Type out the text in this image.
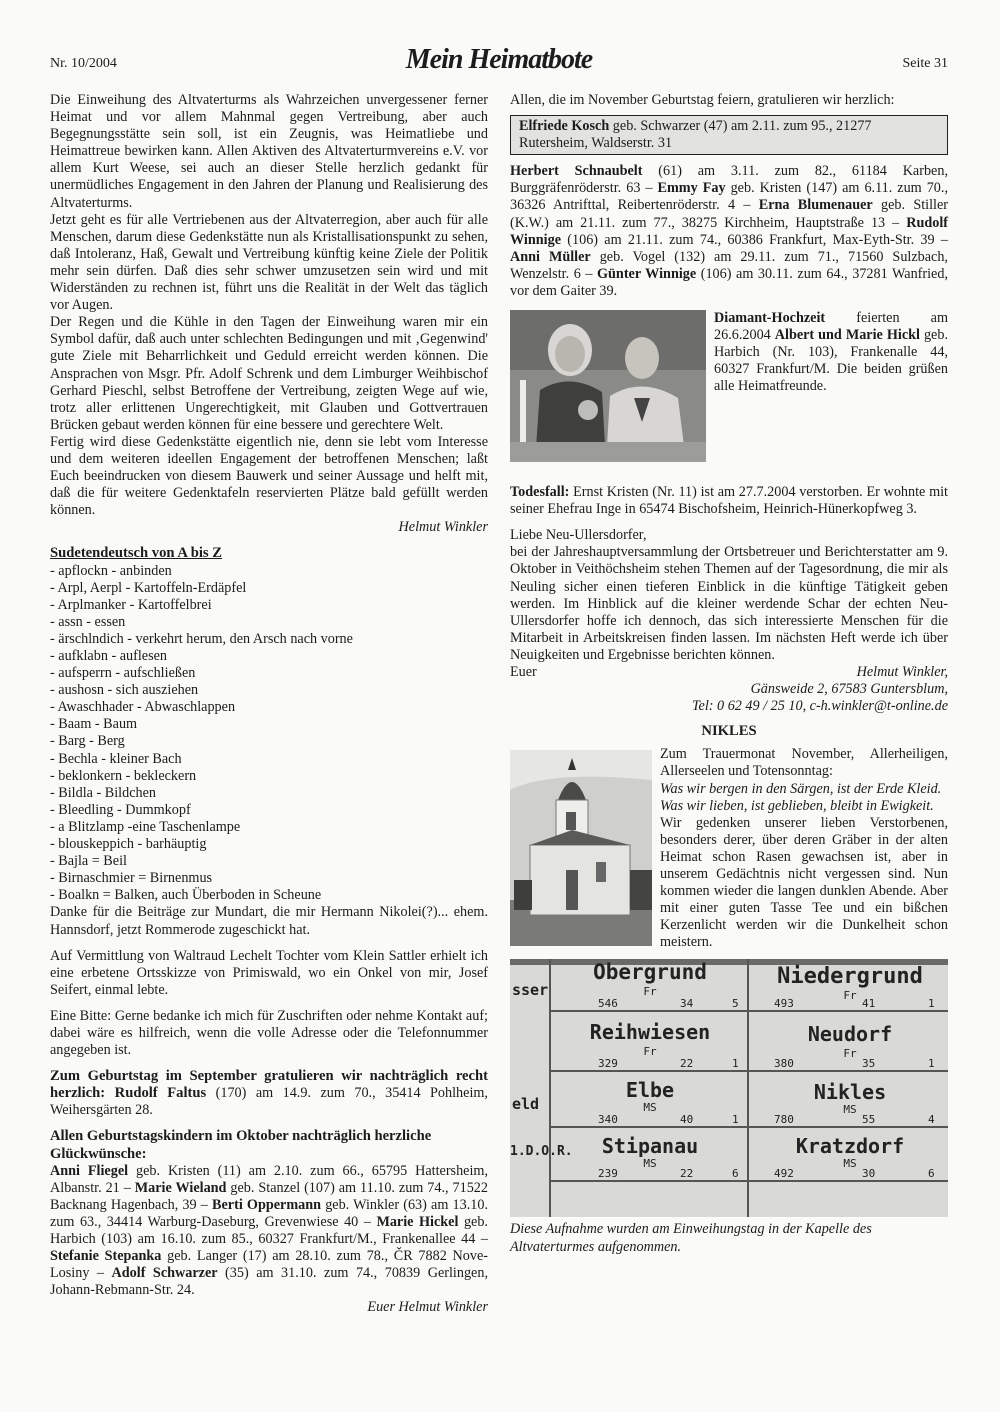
Nr. 10/2004	Mein Heimatbote	Seite 31

Die Einweihung des Altvaterturms als Wahrzeichen unvergessener ferner Heimat und vor allem Mahnmal gegen Vertreibung, aber auch Begegnungsstätte sein soll, ist ein Zeugnis, was Heimatliebe und Heimattreue bewirken kann. Allen Aktiven des Altvaterturmvereins e.V. vor allem Kurt Weese, sei auch an dieser Stelle herzlich gedankt für unermüdliches Engagement in den Jahren der Planung und Realisierung des Altvaterturms.

Jetzt geht es für alle Vertriebenen aus der Altvaterregion, aber auch für alle Menschen, darum diese Gedenkstätte nun als Kristallisationspunkt zu sehen, daß Intoleranz, Haß, Gewalt und Vertreibung künftig keine Ziele der Politik mehr sein dürfen. Daß dies sehr schwer umzusetzen sein wird und mit Widerständen zu rechnen ist, führt uns die Realität in der Welt das täglich vor Augen.

Der Regen und die Kühle in den Tagen der Einweihung waren mir ein Symbol dafür, daß auch unter schlechten Bedingungen und mit ‚Gegenwind' gute Ziele mit Beharrlichkeit und Geduld erreicht werden können. Die Ansprachen von Msgr. Pfr. Adolf Schrenk und dem Limburger Weihbischof Gerhard Pieschl, selbst Betroffene der Vertreibung, zeigten Wege auf wie, trotz aller erlittenen Ungerechtigkeit, mit Glauben und Gottvertrauen Brücken gebaut werden können für eine bessere und gerechtere Welt.

Fertig wird diese Gedenkstätte eigentlich nie, denn sie lebt vom Interesse und dem weiteren ideellen Engagement der betroffenen Menschen; laßt Euch beeindrucken von diesem Bauwerk und seiner Aussage und helft mit, daß die für weitere Gedenktafeln reservierten Plätze bald gefüllt werden können.

Helmut Winkler

Sudetendeutsch von A bis Z

- apflockn - anbinden

- Arpl, Aerpl - Kartoffeln-Erdäpfel

- Arplmanker - Kartoffelbrei

- assn - essen

- ärschlndich - verkehrt herum, den Arsch nach vorne

- aufklabn - auflesen

- aufsperrn - aufschließen

- aushosn - sich ausziehen

- Awaschhader - Abwaschlappen

- Baam - Baum

- Barg - Berg

- Bechla - kleiner Bach

- beklonkern - bekleckern

- Bildla - Bildchen

- Bleedling - Dummkopf

- a Blitzlamp -eine Taschenlampe

- blouskeppich - barhäuptig

- Bajla = Beil

- Birnaschmier = Birnenmus

- Boalkn = Balken, auch Überboden in Scheune

Danke für die Beiträge zur Mundart, die mir Hermann Nikolei(?)... ehem. Hannsdorf, jetzt Rommerode zugeschickt hat.

Auf Vermittlung von Waltraud Lechelt Tochter vom Klein Sattler erhielt ich eine erbetene Ortsskizze von Primiswald, wo ein Onkel von mir, Josef Seifert, einmal lebte.

Eine Bitte: Gerne bedanke ich mich für Zuschriften oder nehme Kontakt auf; dabei wäre es hilfreich, wenn die volle Adresse oder die Telefonnummer angegeben ist.

Zum Geburtstag im September gratulieren wir nachträglich recht herzlich: Rudolf Faltus (170) am 14.9. zum 70., 35414 Pohlheim, Weihersgärten 28.

Allen Geburtstagskindern im Oktober nachträglich herzliche Glückwünsche:

Anni Fliegel geb. Kristen (11) am 2.10. zum 66., 65795 Hattersheim, Albanstr. 21 – Marie Wieland geb. Stanzel (107) am 11.10. zum 74., 71522 Backnang Hagenbach, 39 – Berti Oppermann geb. Winkler (63) am 13.10. zum 63., 34414 Warburg-Daseburg, Grevenwiese 40 – Marie Hickel geb. Harbich (103) am 16.10. zum 85., 60327 Frankfurt/M., Frankenallee 44 – Stefanie Stepanka geb. Langer (17) am 28.10. zum 78., ČR 7882 Nove-Losiny – Adolf Schwarzer (35) am 31.10. zum 74., 70839 Gerlingen, Johann-Rebmann-Str. 24.

Euer Helmut Winkler

Allen, die im November Geburtstag feiern, gratulieren wir herzlich:

Elfriede Kosch geb. Schwarzer (47) am 2.11. zum 95., 21277 Rutersheim, Waldserstr. 31

Herbert Schnaubelt (61) am 3.11. zum 82., 61184 Karben, Burggräfenröderstr. 63 – Emmy Fay geb. Kristen (147) am 6.11. zum 70., 36326 Antrifttal, Reibertenröderstr. 4 – Erna Blumenauer geb. Stiller (K.W.) am 21.11. zum 77., 38275 Kirchheim, Hauptstraße 13 – Rudolf Winnige (106) am 21.11. zum 74., 60386 Frankfurt, Max-Eyth-Str. 39 – Anni Müller geb. Vogel (132) am 29.11. zum 71., 71560 Sulzbach, Wenzelstr. 6 – Günter Winnige (106) am 30.11. zum 64., 37281 Wanfried, vor dem Gaiter 39.

Diamant-Hochzeit feierten am 26.6.2004 Albert und Marie Hickl geb. Harbich (Nr. 103), Frankenalle 44, 60327 Frankfurt/M. Die beiden grüßen alle Heimatfreunde.

Todesfall: Ernst Kristen (Nr. 11) ist am 27.7.2004 verstorben. Er wohnte mit seiner Ehefrau Inge in 65474 Bischofsheim, Heinrich-Hünerkopfweg 3.

Liebe Neu-Ullersdorfer,

bei der Jahreshauptversammlung der Ortsbetreuer und Berichterstatter am 9. Oktober in Veithöchsheim stehen Themen auf der Tagesordnung, die mir als Neuling sicher einen tieferen Einblick in die künftige Tätigkeit geben werden. Im Hinblick auf die kleiner werdende Schar der echten Neu-Ullersdorfer hoffe ich dennoch, das sich interessierte Menschen für die Mitarbeit in Arbeitskreisen finden lassen. Im nächsten Heft werde ich über Neuigkeiten und Ergebnisse berichten können.

Euer	Helmut Winkler,

Gänsweide 2, 67583 Guntersblum,

Tel: 0 62 49 / 25 10, c-h.winkler@t-online.de

NIKLES

Zum Trauermonat November, Allerheiligen, Allerseelen und Totensonntag:

Was wir bergen in den Särgen, ist der Erde Kleid.

Was wir lieben, ist geblieben, bleibt in Ewigkeit.

Wir gedenken unserer lieben Verstorbenen, besonders derer, über deren Gräber in der alten Heimat schon Rasen gewachsen ist, aber in unserem Gedächtnis nicht vergessen sind. Nun kommen wieder die langen dunklen Abende. Aber mit einer guten Tasse Tee und ein bißchen Kerzenlicht werden wir die Dunkelheit schon meistern.

Obergrund	Niedergrund
Fr	Fr
546	34	5	493	41	1
Reihwiesen	Neudorf
Fr	Fr
329	22	1	380	35	1
Elbe	Nikles
MS	MS
340	40	1	780	55	4
Stipanau	Kratzdorf
MS	MS
239	22	6	492	30	6
sser
eld
1.D.O.R.

Diese Aufnahme wurden am Einweihungstag in der Kapelle des Altvaterturmes aufgenommen.
